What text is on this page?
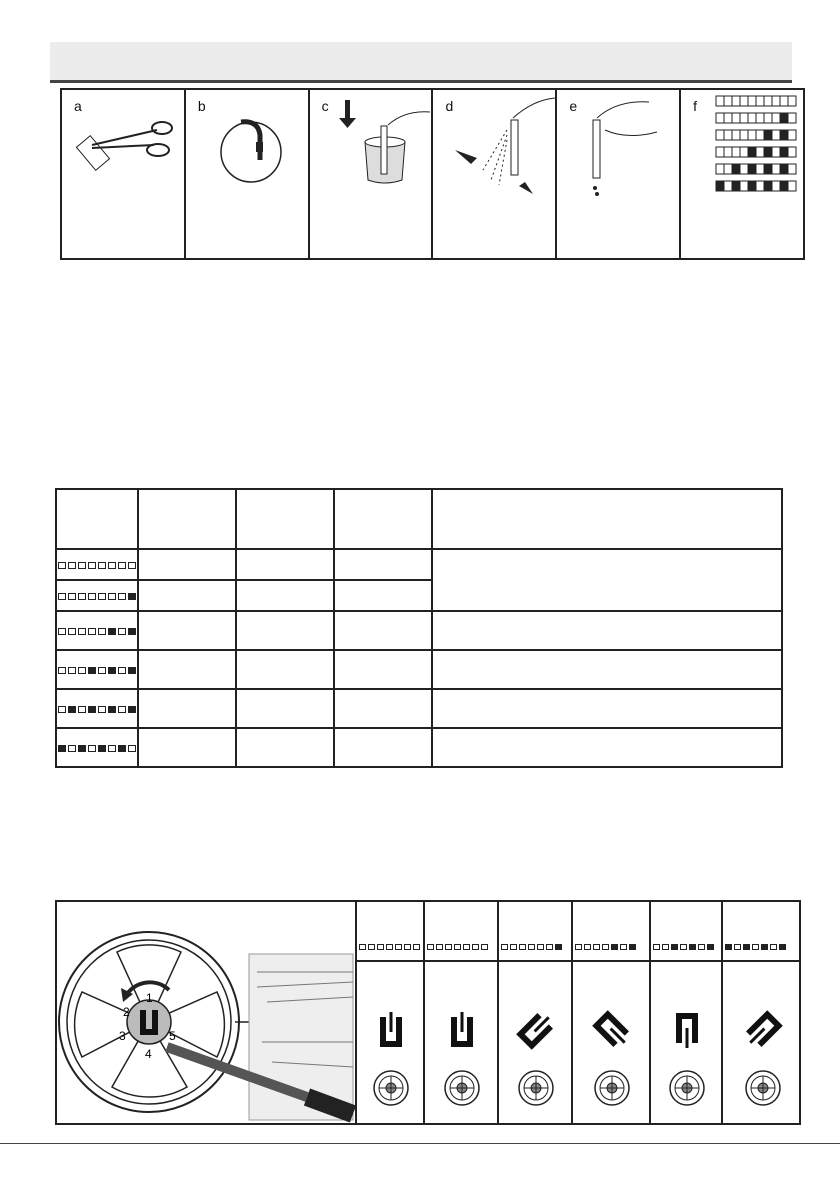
a	b	c	d	e	f

1
2
3
4
5
